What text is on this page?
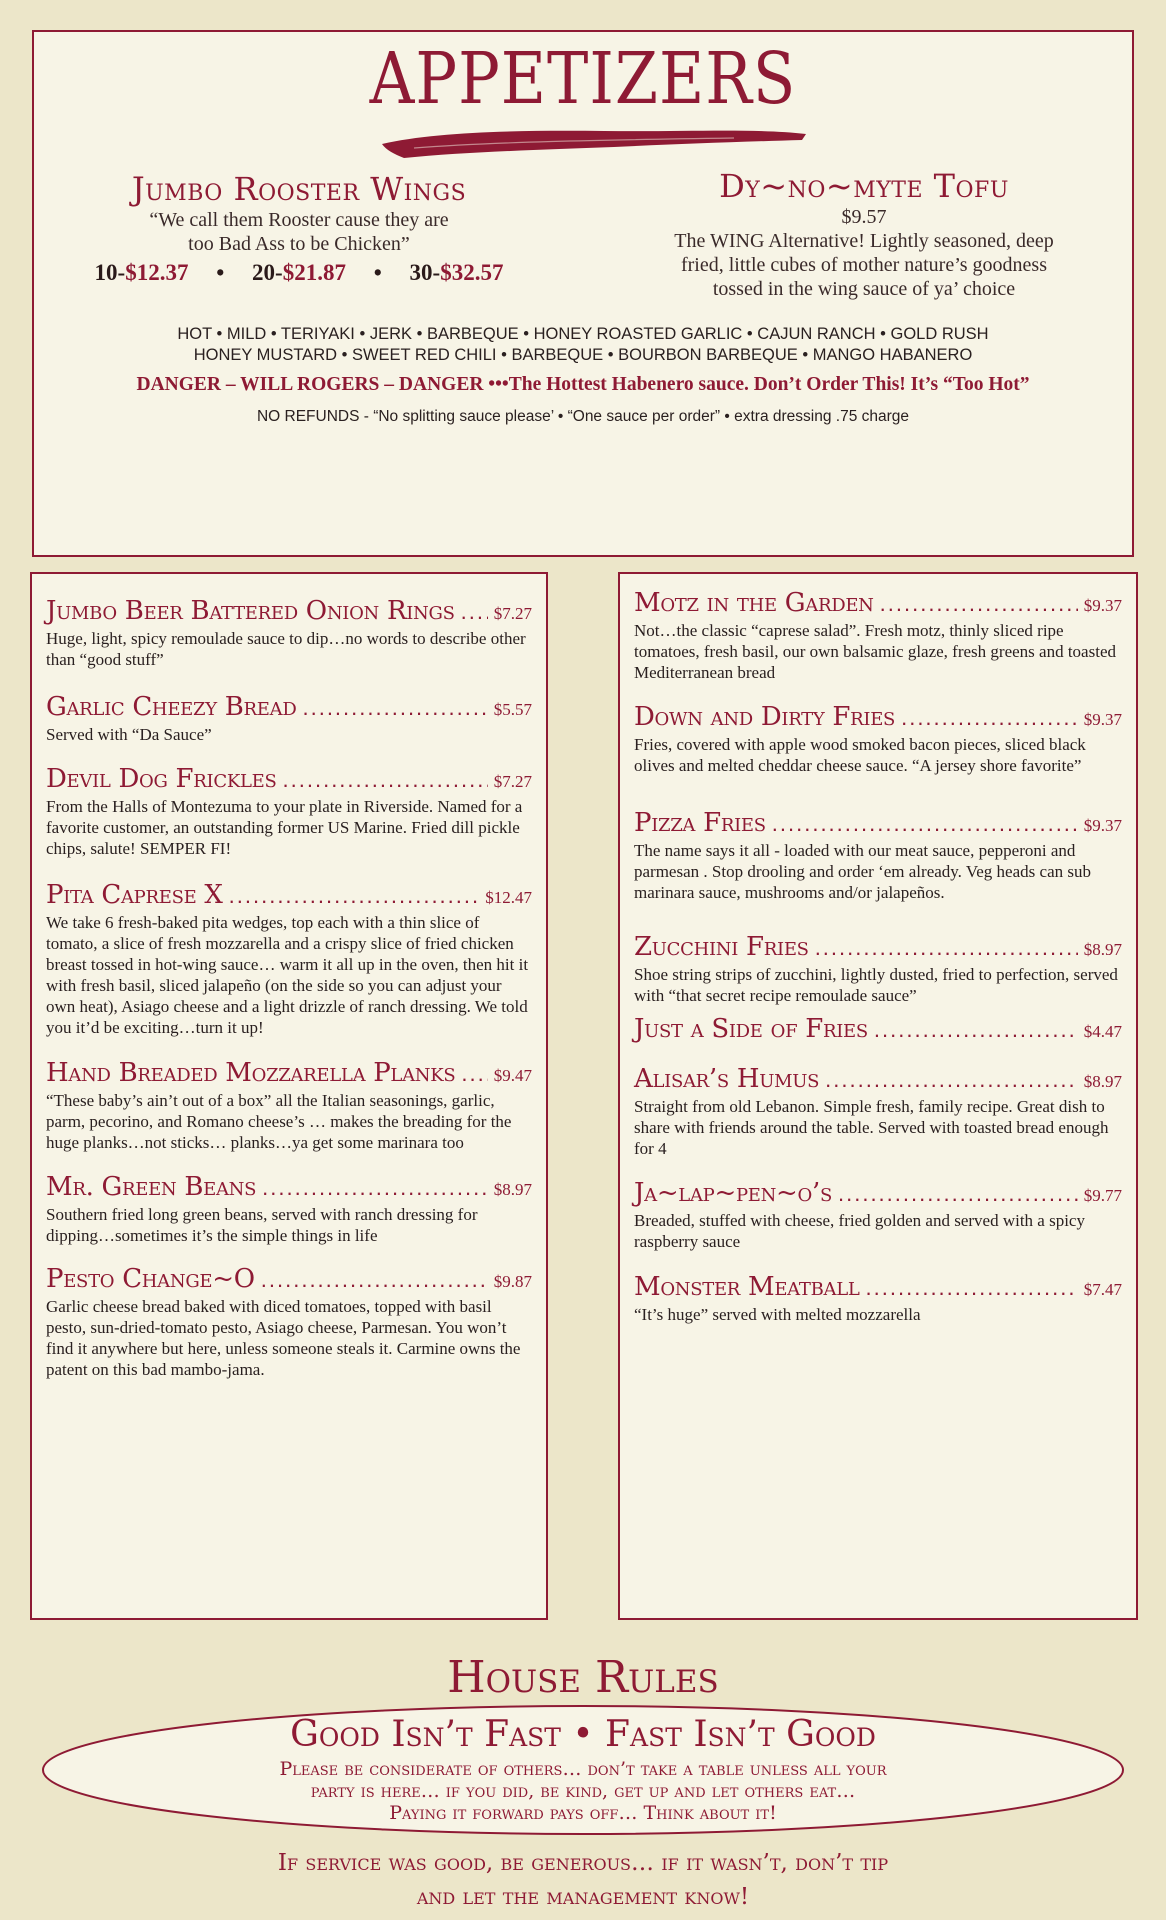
APPETIZERS
Jumbo Rooster Wings
“We call them Rooster cause they are
too Bad Ass to be Chicken”
10-$12.37 • 20-$21.87 • 30-$32.57
Dy~no~myte Tofu
$9.57
The WING Alternative! Lightly seasoned, deep
fried, little cubes of mother nature’s goodness
tossed in the wing sauce of ya’ choice
HOT • MILD • TERIYAKI • JERK • BARBEQUE • HONEY ROASTED GARLIC • CAJUN RANCH • GOLD RUSH
HONEY MUSTARD • SWEET RED CHILI • BARBEQUE • BOURBON BARBEQUE • MANGO HABANERO
DANGER – WILL ROGERS – DANGER •••The Hottest Habenero sauce. Don’t Order This! It’s “Too Hot”
NO REFUNDS - “No splitting sauce please’ • “One sauce per order” • extra dressing .75 charge
Jumbo Beer Battered Onion Rings ..... $7.27
Huge, light, spicy remoulade sauce to dip…no words to describe other than “good stuff”
Garlic Cheezy Bread .....	$5.57
Served with “Da Sauce”
Devil Dog Frickles .....	$7.27
From the Halls of Montezuma to your plate in Riverside. Named for a favorite customer, an outstanding former US Marine. Fried dill pickle chips, salute! SEMPER FI!
Pita Caprese X .....	$12.47
We take 6 fresh-baked pita wedges, top each with a thin slice of tomato, a slice of fresh mozzarella and a crispy slice of fried chicken breast tossed in hot-wing sauce… warm it all up in the oven, then hit it with fresh basil, sliced jalapeño (on the side so you can adjust your own heat), Asiago cheese and a light drizzle of ranch dressing. We told you it’d be exciting…turn it up!
Hand Breaded Mozzarella Planks ..... $9.47
“These baby’s ain’t out of a box” all the Italian seasonings, garlic, parm, pecorino, and Romano cheese’s … makes the breading for the huge planks…not sticks… planks…ya get some marinara too
Mr. Green Beans .....	$8.97
Southern fried long green beans, served with ranch dressing for dipping…sometimes it’s the simple things in life
Pesto Change~O .....	$9.87
Garlic cheese bread baked with diced tomatoes, topped with basil pesto, sun-dried-tomato pesto, Asiago cheese, Parmesan. You won’t find it anywhere but here, unless someone steals it. Carmine owns the patent on this bad mambo-jama.
Motz in the Garden .....	$9.37
Not…the classic “caprese salad”. Fresh motz, thinly sliced ripe tomatoes, fresh basil, our own balsamic glaze, fresh greens and toasted Mediterranean bread
Down and Dirty Fries .....	$9.37
Fries, covered with apple wood smoked bacon pieces, sliced black olives and melted cheddar cheese sauce. “A jersey shore favorite”
Pizza Fries .....	$9.37
The name says it all - loaded with our meat sauce, pepperoni and parmesan . Stop drooling and order ‘em already. Veg heads can sub marinara sauce, mushrooms and/or jalapeños.
Zucchini Fries .....	$8.97
Shoe string strips of zucchini, lightly dusted, fried to perfection, served with “that secret recipe remoulade sauce”
Just a Side of Fries .....	$4.47
Alisar’s Humus .....	$8.97
Straight from old Lebanon. Simple fresh, family recipe. Great dish to share with friends around the table. Served with toasted bread enough for 4
Ja~lap~pen~o’s .....	$9.77
Breaded, stuffed with cheese, fried golden and served with a spicy raspberry sauce
Monster Meatball .....	$7.47
“It’s huge” served with melted mozzarella
House Rules
Good Isn’t Fast • Fast Isn’t Good
Please be considerate of others… don’t take a table unless all your
party is here… if you did, be kind, get up and let others eat…
Paying it forward pays off… Think about it!
If service was good, be generous… if it wasn’t, don’t tip
and let the management know!
